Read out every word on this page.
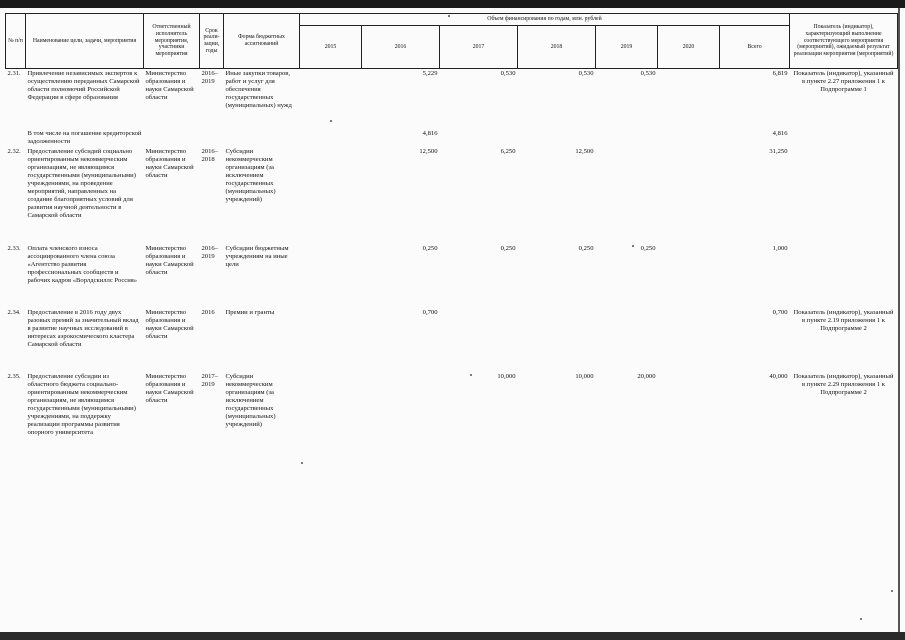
№ п/п	Наименование цели, задачи, мероприятия	Ответственный исполнитель мероприятия, участники мероприятия	Срок реали-зации, годы	Форма бюджетных ассигнований	Объем финансирования по годам, млн. рублей							Показатель (индикатор), характеризующий выполнение соответствующего мероприятия (мероприятий), ожидаемый результат реализации мероприятия (мероприятий)
					2015	2016	2017	2018	2019	2020	Всего	
2.31.	Привлечение независимых экспертов к осуществлению переданных Самарской области полномочий Российской Федерации в сфере образования	Министерство образования и науки Самарской области	2016–2019	Иные закупки товаров, работ и услуг для обеспечения государственных (муниципальных) нужд		5,229	0,530	0,530	0,530		6,819	Показатель (индикатор), указанный в пункте 2.27 приложения 1 к Подпрограмме 1

	В том числе на погашение кредиторской задолженности					4,816					4,816	
2.32.	Предоставление субсидий социально ориентированным некоммерческим организациям, не являющимся государственными (муниципальными) учреждениями, на проведение мероприятий, направленных на создание благоприятных условий для развития научной деятельности в Самарской области	Министерство образования и науки Самарской области	2016–2018	Субсидии некоммерческим организациям (за исключением государственных (муниципальных) учреждений)		12,500	6,250	12,500			31,250	

2.33.	Оплата членского взноса ассоциированного члена союза «Агентство развития профессиональных сообществ и рабочих кадров «Ворлдскиллс Россия»	Министерство образования и науки Самарской области	2016–2019	Субсидии бюджетным учреждениям на иные цели		0,250	0,250	0,250	0,250		1,000	

2.34.	Предоставление в 2016 году двух разовых премий за значительный вклад в развитие научных исследований в интересах аэрокосмического кластера Самарской области	Министерство образования и науки Самарской области	2016	Премии и гранты		0,700					0,700	Показатель (индикатор), указанный в пункте 2.19 приложения 1 к Подпрограмме 2

2.35.	Предоставление субсидии из областного бюджета социально-ориентированным некоммерческим организациям, не являющимся государственными (муниципальными) учреждениями, на поддержку реализации программы развития опорного университета	Министерство образования и науки Самарской области	2017–2019	Субсидии некоммерческим организациям (за исключением государственных (муниципальных) учреждений)			10,000	10,000	20,000		40,000	Показатель (индикатор), указанный в пункте 2.29 приложения 1 к Подпрограмме 2
